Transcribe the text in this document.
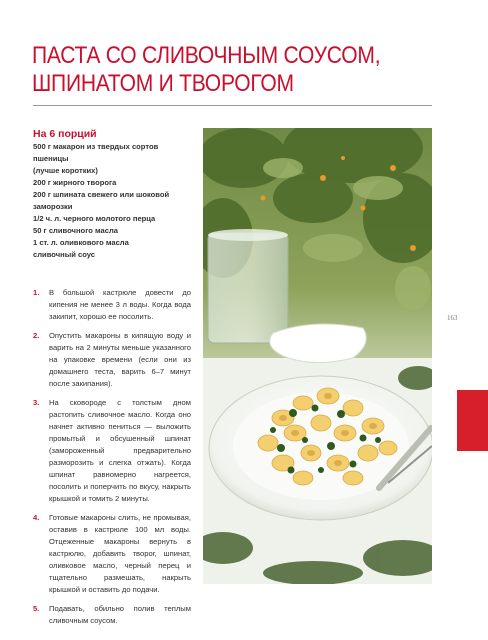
ПАСТА СО СЛИВОЧНЫМ СОУСОМ,
ШПИНАТОМ И ТВОРОГОМ

На 6 порций

500 г макарон из твердых сортов пшеницы
(лучше коротких)
200 г жирного творога
200 г шпината свежего или шоковой
заморозки
1/2 ч. л. черного молотого перца
50 г сливочного масла
1 ст. л. оливкового масла
сливочный соус
1.	В большой кастрюле довести до кипения не менее 3 л воды. Когда вода закипит, хорошо ее посолить.
2.	Опустить макароны в кипящую воду и варить на 2 минуты меньше указанного на упаковке времени (если они из домашнего теста, варить 6–7 минут после закипания).
3.	На сковороде с толстым дном растопить сливочное масло. Когда оно начнет активно пениться — выложить промытый и обсушенный шпинат (замороженный предварительно разморозить и слегка отжать). Когда шпинат равномерно нагреется, посолить и поперчить по вкусу, накрыть крышкой и томить 2 минуты.
4.	Готовые макароны слить, не промывая, оставив в кастрюле 100 мл воды. Отцеженные макароны вернуть в кастрюлю, добавить творог, шпинат, оливковое масло, черный перец и тщательно размешать, накрыть крышкой и оставить до подачи.
5.	Подавать, обильно полив теплым сливочным соусом.
163
